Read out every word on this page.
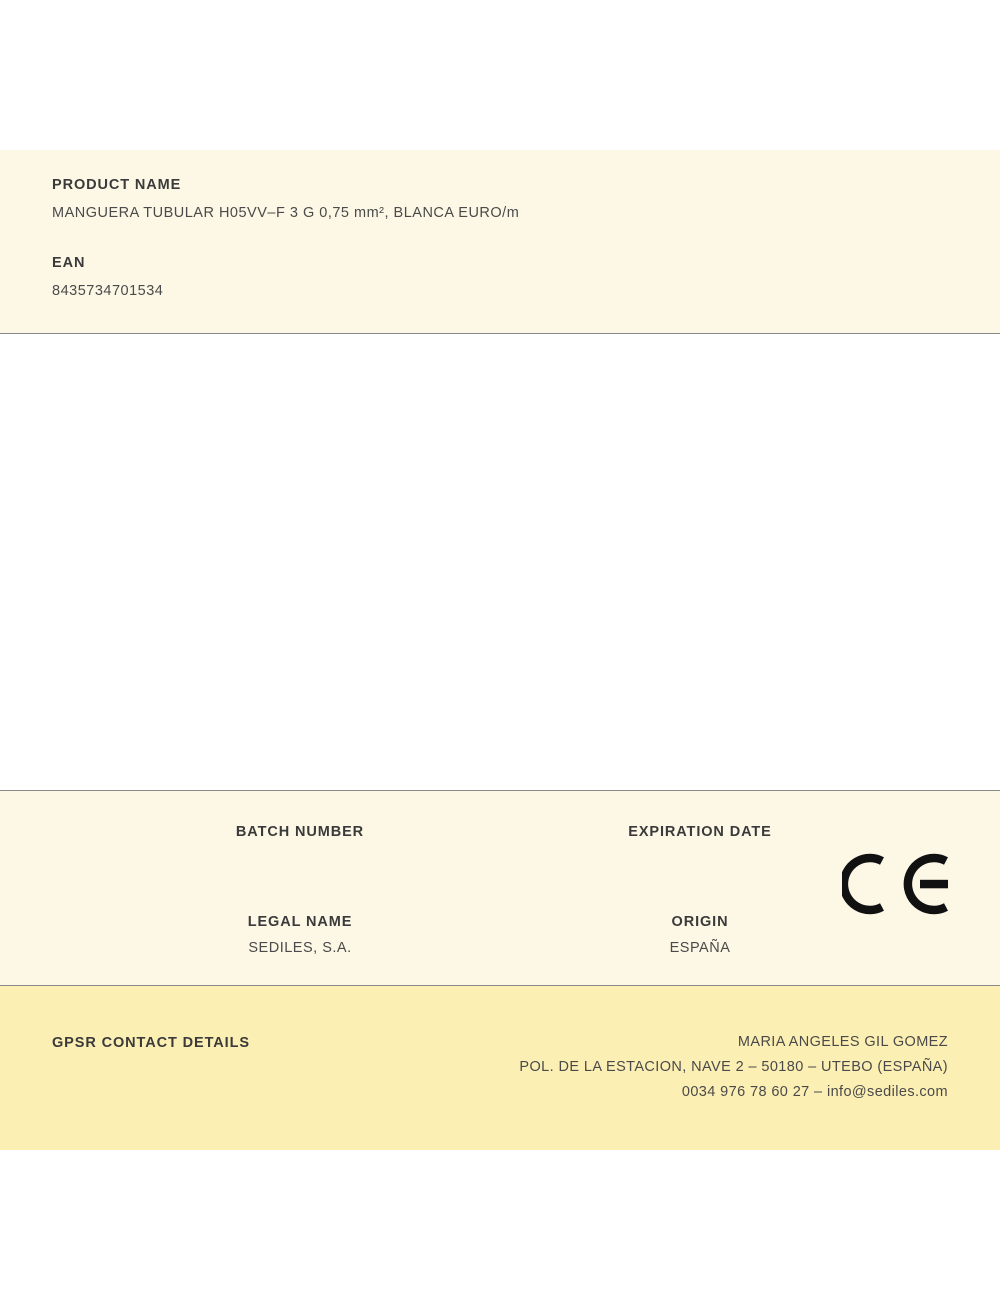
PRODUCT NAME

MANGUERA TUBULAR H05VV–F 3 G 0,75 mm², BLANCA EURO/m

EAN

8435734701534

BATCH NUMBER	EXPIRATION DATE

LEGAL NAME

SEDILES, S.A.

ORIGIN

ESPAÑA

GPSR CONTACT DETAILS	MARIA ANGELES GIL GOMEZ

POL. DE LA ESTACION, NAVE 2 – 50180 – UTEBO (ESPAÑA)

0034 976 78 60 27 – info@sediles.com
